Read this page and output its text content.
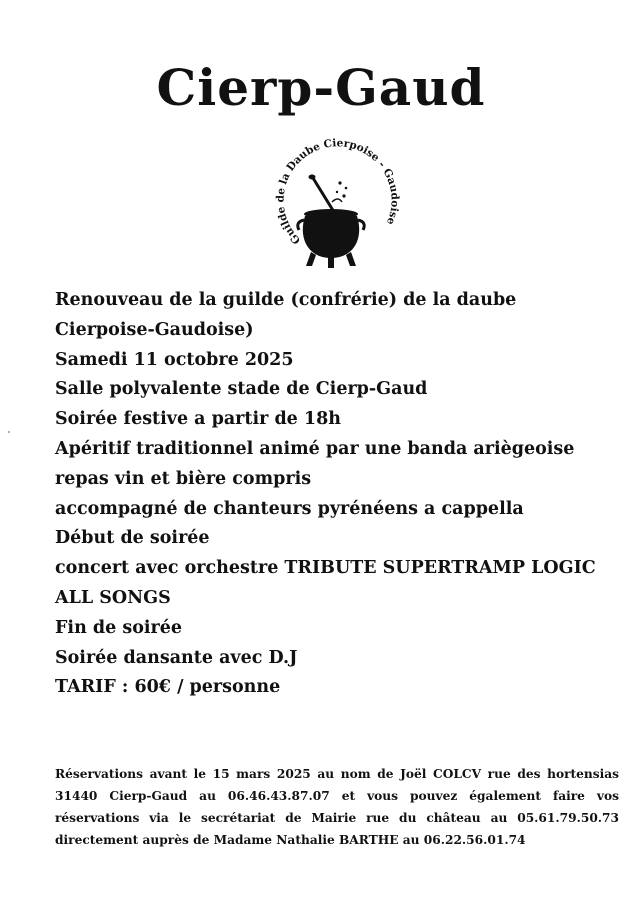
Cierp-Gaud
Guilde de la Daube Cierpoise - Gaudoise

Renouveau de la guilde (confrérie) de la daube Cierpoise-Gaudoise)

Samedi 11 octobre 2025

Salle polyvalente stade de Cierp-Gaud

Soirée festive a partir de 18h

Apéritif traditionnel animé par une banda ariègeoise

repas vin et bière compris

accompagné de chanteurs pyrénéens a cappella

Début de soirée

concert avec orchestre TRIBUTE SUPERTRAMP LOGIC ALL SONGS

Fin de soirée

Soirée dansante avec D.J

TARIF : 60€ / personne

Réservations avant le 15 mars 2025 au nom de Joël COLCV rue des hortensias 31440 Cierp-Gaud au 06.46.43.87.07 et vous pouvez également faire vos réservations via le secrétariat de Mairie rue du château au 05.61.79.50.73 directement auprès de Madame Nathalie BARTHE au 06.22.56.01.74
